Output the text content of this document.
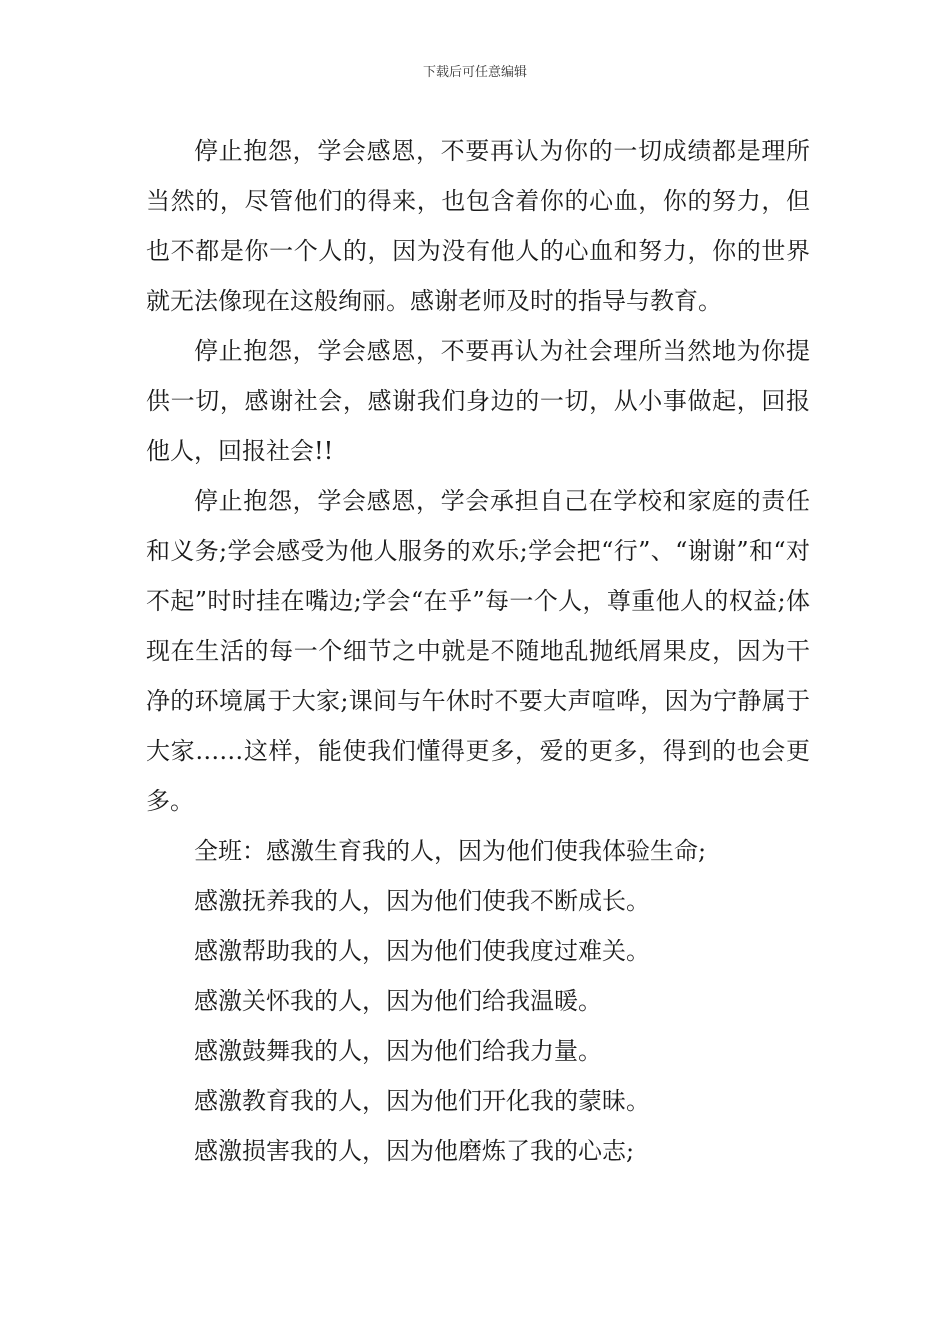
下载后可任意编辑

停止抱怨，学会感恩，不要再认为你的一切成绩都是理所当然的，尽管他们的得来，也包含着你的心血，你的努力，但也不都是你一个人的，因为没有他人的心血和努力，你的世界就无法像现在这般绚丽。感谢老师及时的指导与教育。

停止抱怨，学会感恩，不要再认为社会理所当然地为你提供一切，感谢社会，感谢我们身边的一切，从小事做起，回报他人，回报社会!!

停止抱怨，学会感恩，学会承担自己在学校和家庭的责任和义务;学会感受为他人服务的欢乐;学会把“行”、“谢谢”和“对不起”时时挂在嘴边;学会“在乎”每一个人，尊重他人的权益;体现在生活的每一个细节之中就是不随地乱抛纸屑果皮，因为干净的环境属于大家;课间与午休时不要大声喧哗，因为宁静属于大家……这样，能使我们懂得更多，爱的更多，得到的也会更多。

全班：感激生育我的人，因为他们使我体验生命;

感激抚养我的人，因为他们使我不断成长。

感激帮助我的人，因为他们使我度过难关。

感激关怀我的人，因为他们给我温暖。

感激鼓舞我的人，因为他们给我力量。

感激教育我的人，因为他们开化我的蒙昧。

感激损害我的人，因为他磨炼了我的心志;
